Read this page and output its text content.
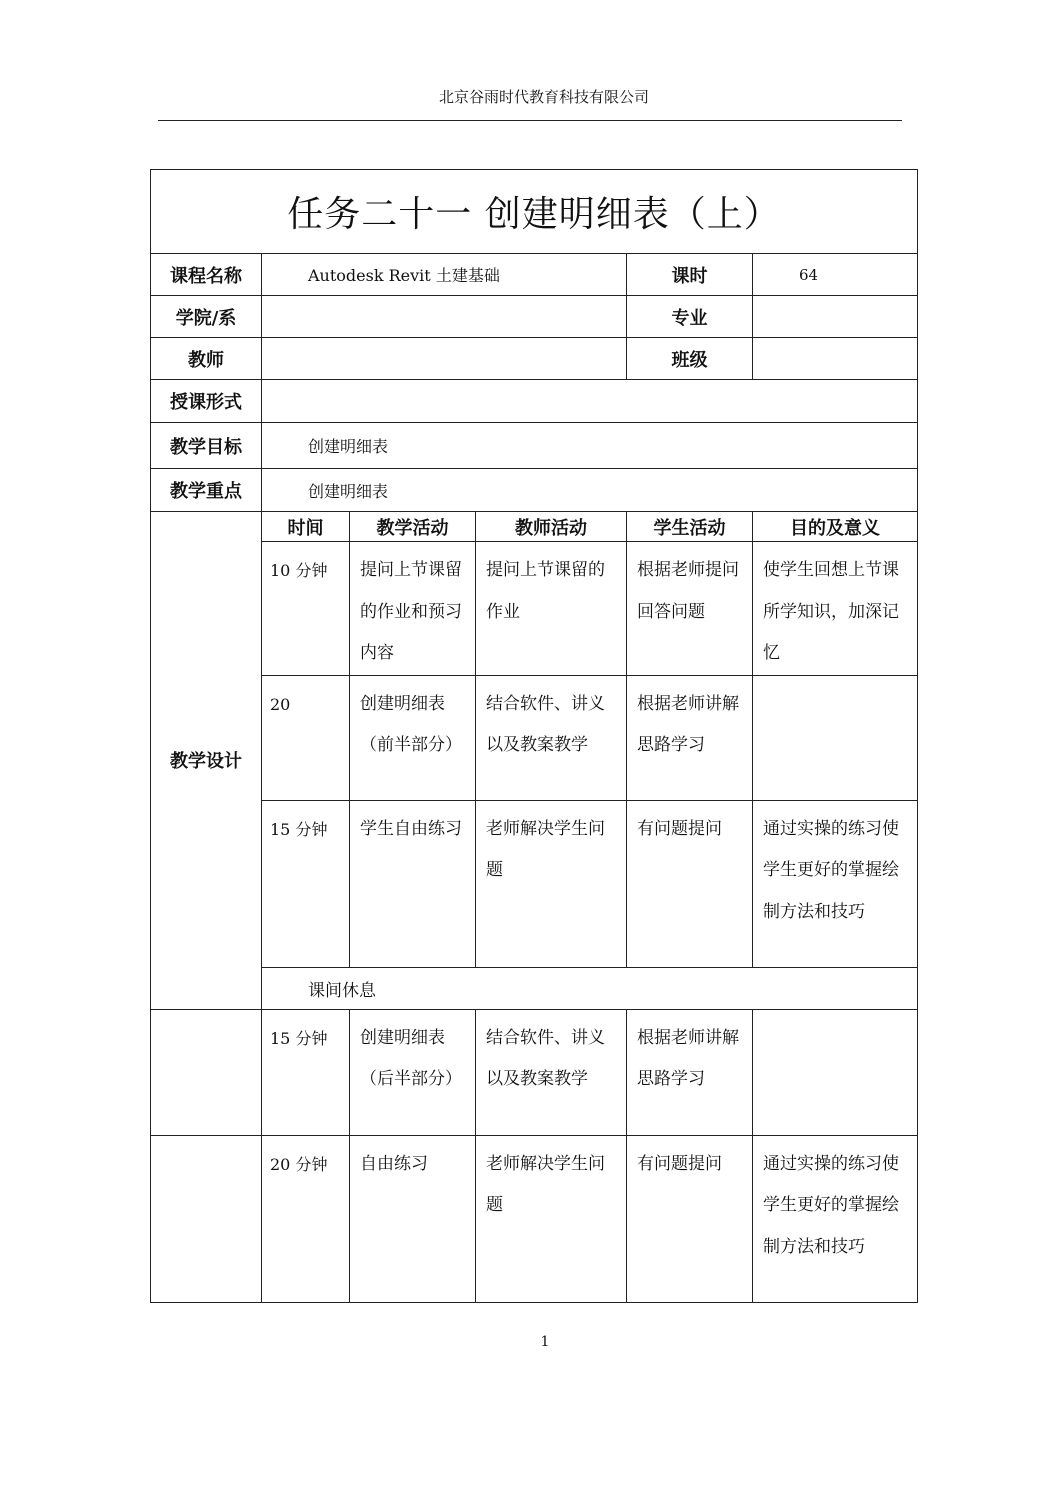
北京谷雨时代教育科技有限公司
任务二十一 创建明细表（上）					
课程名称	Autodesk Revit 土建基础			课时	64
学院/系				专业	
教师				班级	
授课形式					
教学目标	创建明细表				
教学重点	创建明细表				
教学设计	时间	教学活动	教师活动	学生活动	目的及意义
	10 分钟	提问上节课留的作业和预习内容	提问上节课留的作业	根据老师提问回答问题	使学生回想上节课所学知识，加深记忆
	20	创建明细表（前半部分）	结合软件、讲义以及教案教学	根据老师讲解思路学习	
	15 分钟	学生自由练习	老师解决学生问题	有问题提问	通过实操的练习使学生更好的掌握绘制方法和技巧
	课间休息				
	15 分钟	创建明细表（后半部分）	结合软件、讲义以及教案教学	根据老师讲解思路学习	
	20 分钟	自由练习	老师解决学生问题	有问题提问	通过实操的练习使学生更好的掌握绘制方法和技巧
1
